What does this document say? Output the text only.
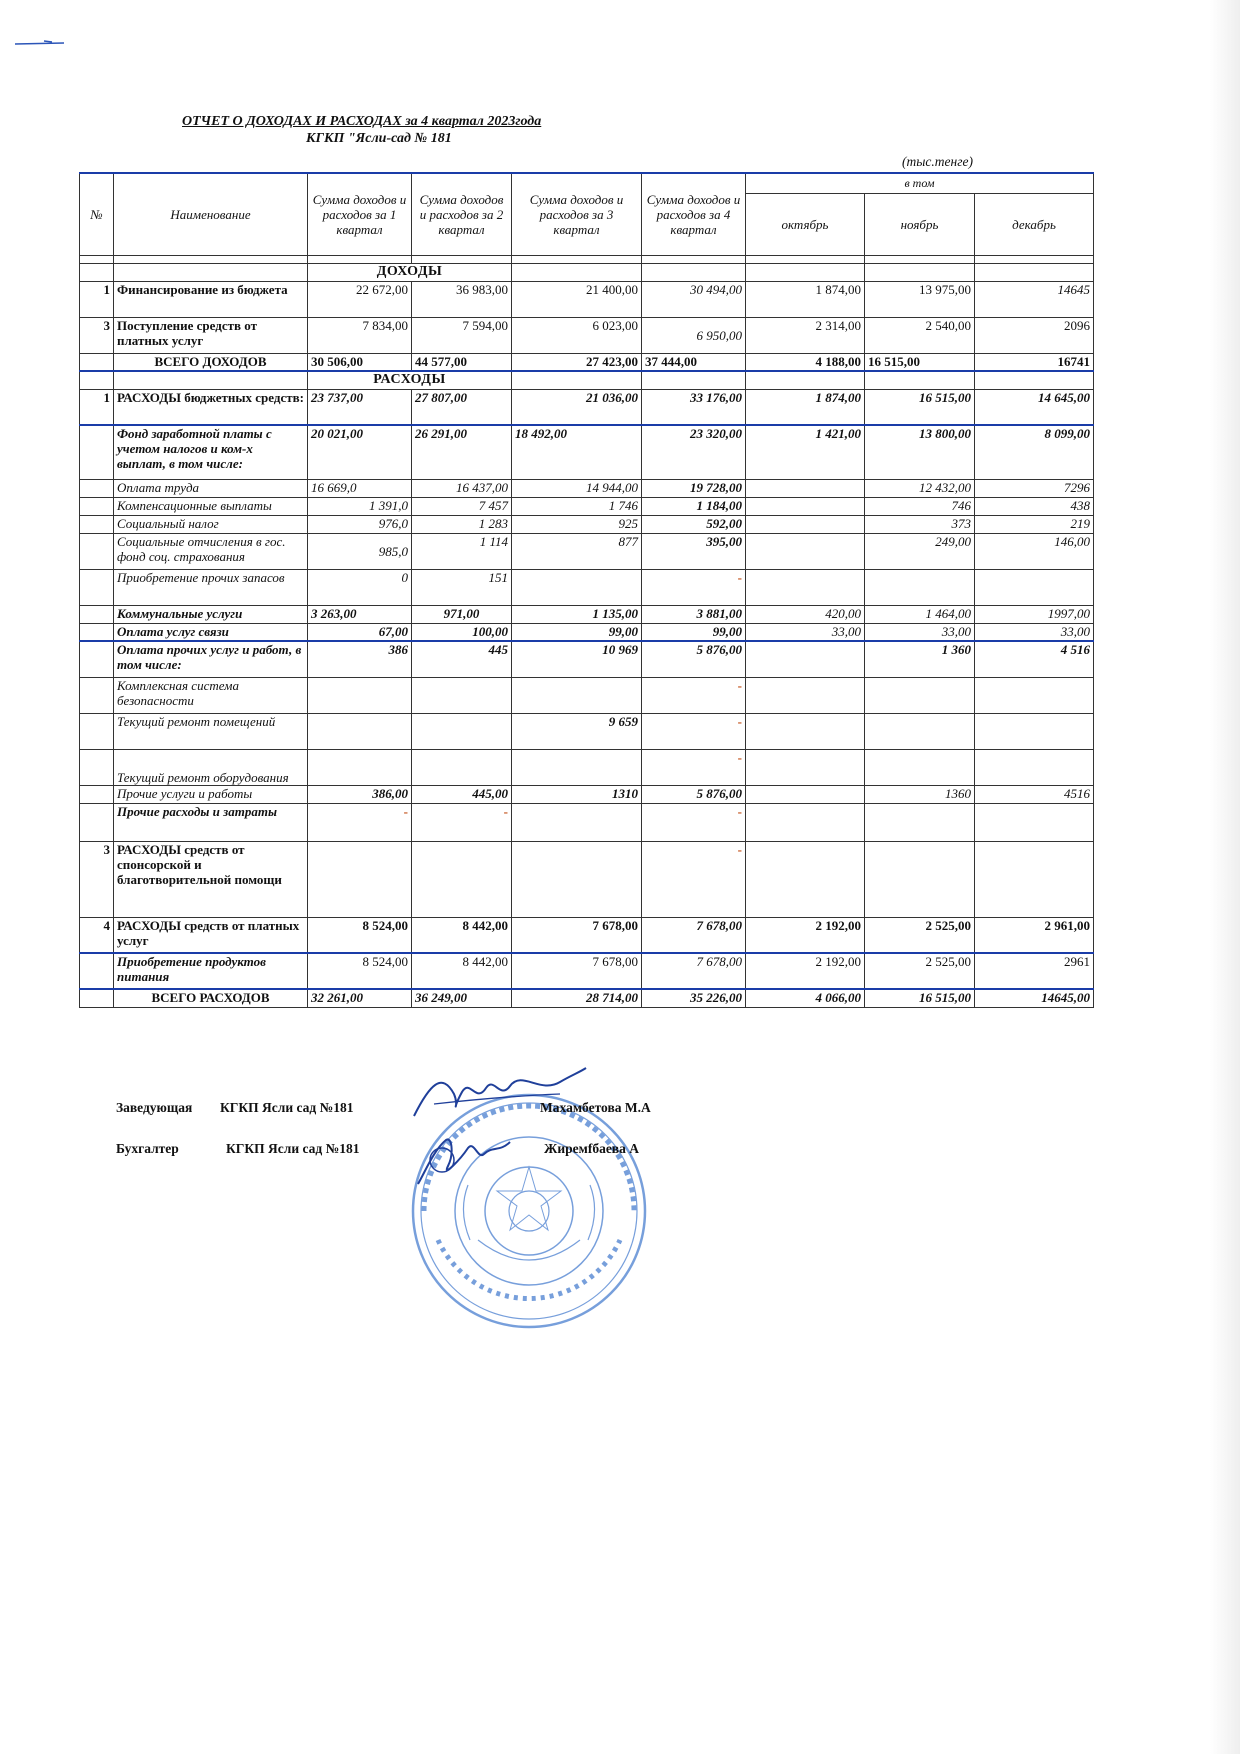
ОТЧЕТ О ДОХОДАХ И РАСХОДАХ за 4 квартал 2023года
КГКП "Ясли-сад № 181
(тыс.тенге)
№	Наименование	Сумма доходов и расходов за 1 квартал	Сумма доходов и расходов за 2 квартал	Сумма доходов и расходов за 3 квартал	Сумма доходов и расходов за 4 квартал	в том		
						октябрь	ноябрь	декабрь

		ДОХОДЫ						
1	Финансирование из бюджета	22 672,00	36 983,00	21 400,00	30 494,00	1 874,00	13 975,00	14645
3	Поступление средств от платных услуг	7 834,00	7 594,00	6 023,00	6 950,00	2 314,00	2 540,00	2096
	ВСЕГО ДОХОДОВ	30 506,00	44 577,00	27 423,00	37 444,00	4 188,00	16 515,00	16741
		РАСХОДЫ						
1	РАСХОДЫ бюджетных средств:	23 737,00	27 807,00	21 036,00	33 176,00	1 874,00	16 515,00	14 645,00
	Фонд заработной платы с учетом налогов и ком-х выплат, в том числе:	20 021,00	26 291,00	18 492,00	23 320,00	1 421,00	13 800,00	8 099,00
	Оплата труда	16 669,0	16 437,00	14 944,00	19 728,00		12 432,00	7296
	Компенсационные выплаты	1 391,0	7 457	1 746	1 184,00		746	438
	Социальный налог	976,0	1 283	925	592,00		373	219
	Социальные отчисления в гос. фонд соц. страхования	985,0	1 114	877	395,00		249,00	146,00
	Приобретение прочих запасов	0	151		-			
	Коммунальные услуги	3 263,00	971,00	1 135,00	3 881,00	420,00	1 464,00	1997,00
	Оплата услуг связи	67,00	100,00	99,00	99,00	33,00	33,00	33,00
	Оплата прочих услуг и работ, в том числе:	386	445	10 969	5 876,00		1 360	4 516
	Комплексная система безопасности				-			
	Текущий ремонт помещений			9 659	-			
	Текущий ремонт оборудования				-			
	Прочие услуги и работы	386,00	445,00	1310	5 876,00		1360	4516
	Прочие расходы и затраты	-	-		-			
3	РАСХОДЫ средств от спонсорской и благотворительной помощи				-			
4	РАСХОДЫ средств от платных услуг	8 524,00	8 442,00	7 678,00	7 678,00	2 192,00	2 525,00	2 961,00
	Приобретение продуктов питания	8 524,00	8 442,00	7 678,00	7 678,00	2 192,00	2 525,00	2961
	ВСЕГО РАСХОДОВ	32 261,00	36 249,00	28 714,00	35 226,00	4 066,00	16 515,00	14645,00
Заведующая КГКП Ясли сад №181	Махамбетова М.А
Бухгалтер	КГКП Ясли сад №181	Жиремfбаева А
